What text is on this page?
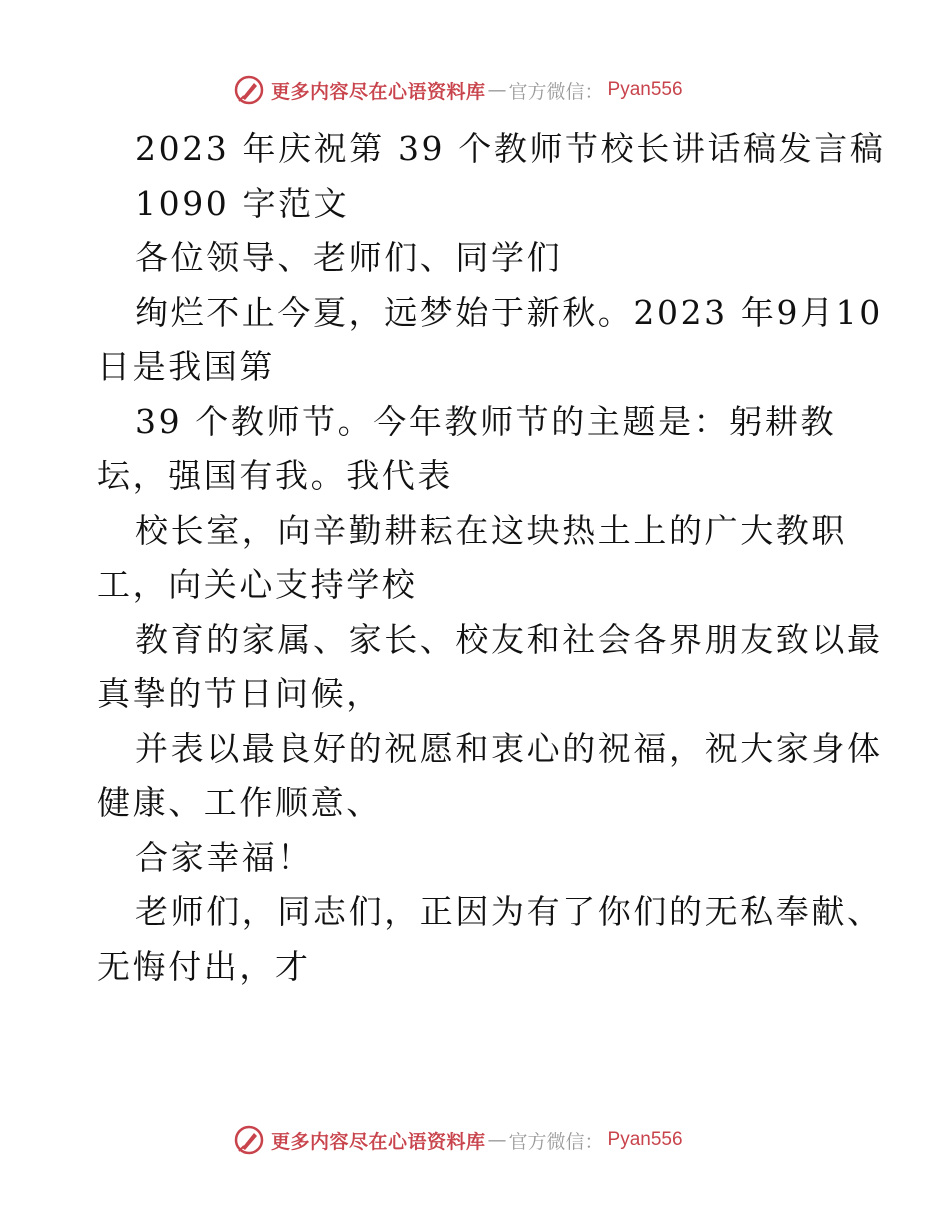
更多内容尽在心语资料库 — 官方微信： Pyan556
2023 年庆祝第 39 个教师节校长讲话稿发言稿
1090 字范文
各位领导、老师们、同学们
绚烂不止今夏，远梦始于新秋。2023 年9月10
日是我国第
39 个教师节。今年教师节的主题是：躬耕教
坛，强国有我。我代表
校长室，向辛勤耕耘在这块热土上的广大教职
工，向关心支持学校
教育的家属、家长、校友和社会各界朋友致以最
真挚的节日问候，
并表以最良好的祝愿和衷心的祝福，祝大家身体
健康、工作顺意、
合家幸福！
老师们，同志们，正因为有了你们的无私奉献、
无悔付出，才
更多内容尽在心语资料库 — 官方微信： Pyan556
